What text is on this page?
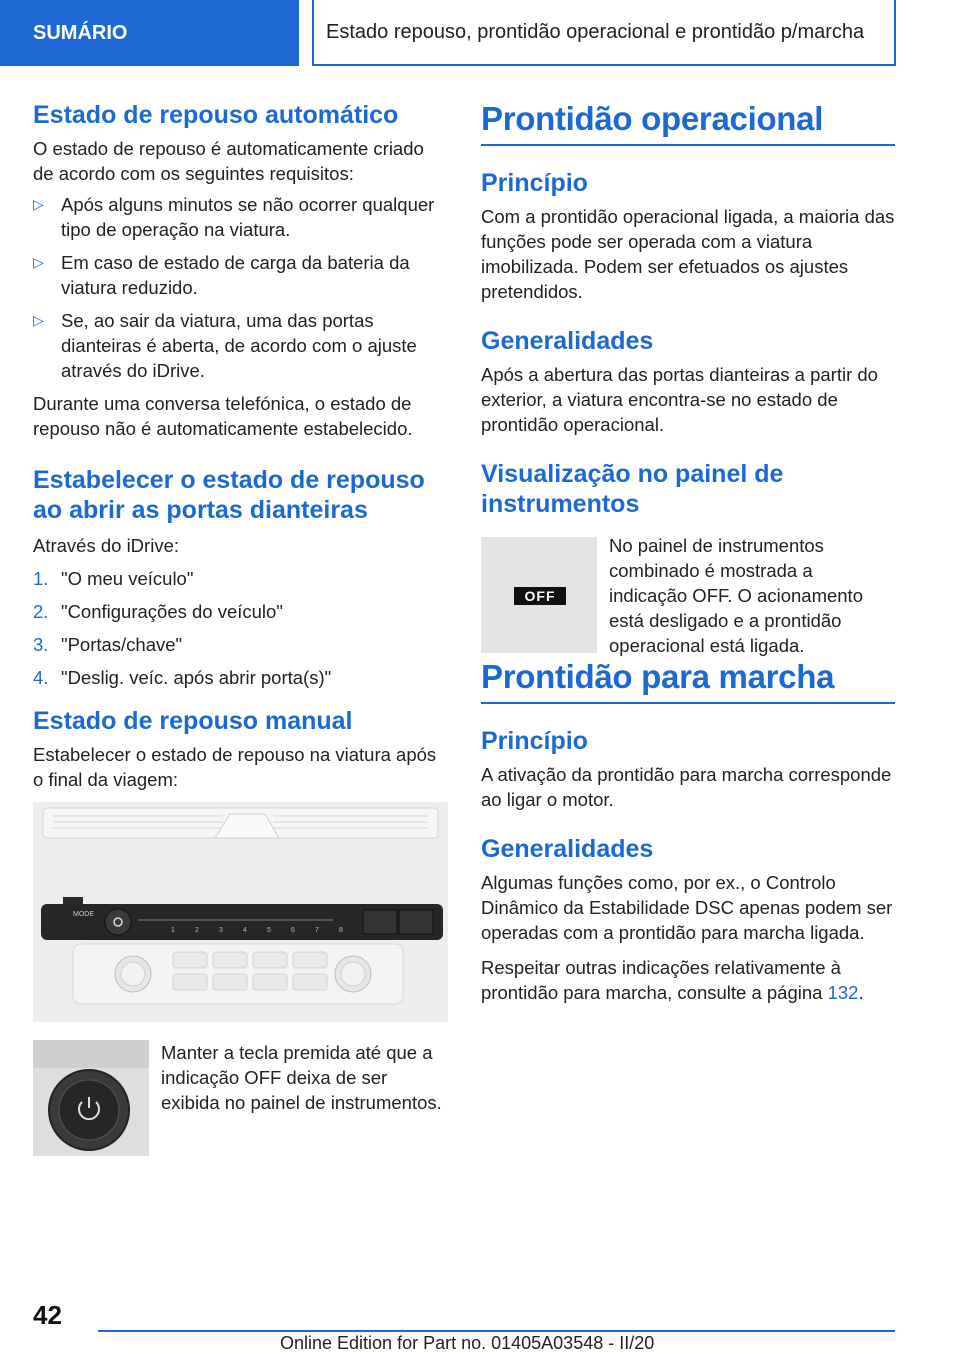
SUMÁRIO	Estado repouso, prontidão operacional e prontidão p/marcha
Estado de repouso automático

O estado de repouso é automaticamente criado de acordo com os seguintes requisitos:

▷ Após alguns minutos se não ocorrer qualquer tipo de operação na viatura.
▷ Em caso de estado de carga da bateria da viatura reduzido.
▷ Se, ao sair da viatura, uma das portas dianteiras é aberta, de acordo com o ajuste através do iDrive.

Durante uma conversa telefónica, o estado de repouso não é automaticamente estabelecido.

Estabelecer o estado de repouso ao abrir as portas dianteiras

Através do iDrive:

1. "O meu veículo"
2. "Configurações do veículo"
3. "Portas/chave"
4. "Deslig. veíc. após abrir porta(s)"
Estado de repouso manual

Estabelecer o estado de repouso na viatura após o final da viagem:

MODE
1	2	3	4	5	6	7	8

Manter a tecla premida até que a indicação OFF deixa de ser exibida no painel de instrumentos.

Prontidão operacional
Princípio

Com a prontidão operacional ligada, a maioria das funções pode ser operada com a viatura imobilizada. Podem ser efetuados os ajustes pretendidos.

Generalidades

Após a abertura das portas dianteiras a partir do exterior, a viatura encontra-se no estado de prontidão operacional.

Visualização no painel de instrumentos
OFF

No painel de instrumentos combinado é mostrada a indicação OFF. O acionamento está desligado e a prontidão operacional está ligada.

Prontidão para marcha
Princípio

A ativação da prontidão para marcha corresponde ao ligar o motor.

Generalidades

Algumas funções como, por ex., o Controlo Dinâmico da Estabilidade DSC apenas podem ser operadas com a prontidão para marcha ligada.

Respeitar outras indicações relativamente à prontidão para marcha, consulte a página 132.

42
Online Edition for Part no. 01405A03548 - II/20
